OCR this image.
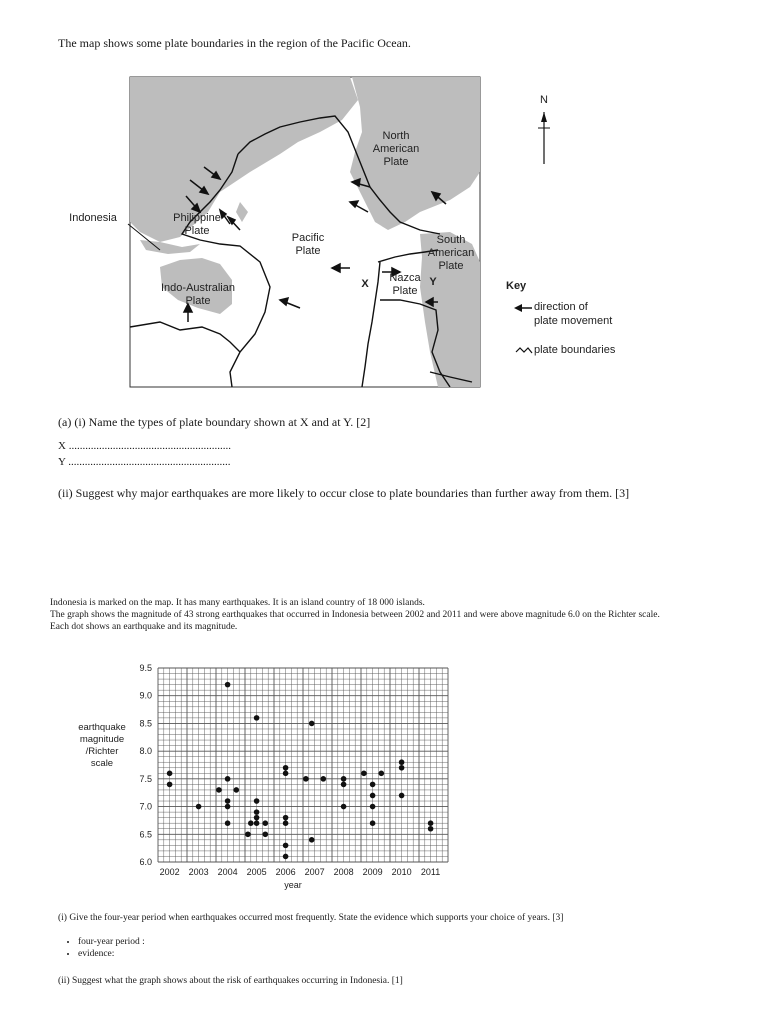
The map shows some plate boundaries in the region of the Pacific Ocean.
N
North
American
Plate
Philippine
Plate
Pacific
Plate
South
American
Plate
Nazca
Plate
Indo-Australian
Plate
Indonesia
X	Y	Key
direction of
plate movement
plate boundaries
(a) (i) Name the types of plate boundary shown at X and at Y. [2]
X ...........................................................
Y ...........................................................
(ii) Suggest why major earthquakes are more likely to occur close to plate boundaries than further away from them. [3]
Indonesia is marked on the map. It has many earthquakes. It is an island country of 18 000 islands.
The graph shows the magnitude of 43 strong earthquakes that occurred in Indonesia between 2002 and 2011 and were above magnitude 6.0 on the Richter scale.
Each dot shows an earthquake and its magnitude.
earthquake
magnitude
/Richter
scale
6.0
6.5
7.0
7.5
8.0
8.5
9.0
9.5
2002 2003 2004 2005 2006 2007 2008 2009 2010 2011
year
(i) Give the four-year period when earthquakes occurred most frequently. State the evidence which supports your choice of years. [3]
• four-year period :
• evidence:
(ii) Suggest what the graph shows about the risk of earthquakes occurring in Indonesia. [1]
